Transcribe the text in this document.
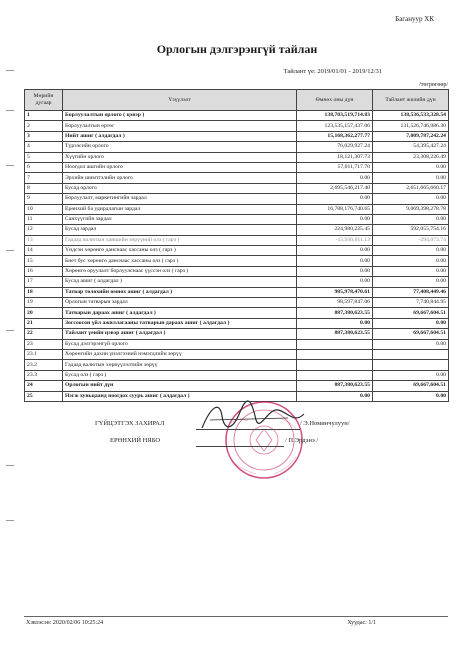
Багануур ХК
Орлогын дэлгэрэнгүй тайлан
Тайлант үе: 2019/01/01 - 2019/12/31
/төгрөгөөр/
Мөрийн дугаар	Үзүүлэлт	Өмнөх оны дүн	Тайлант жилийн дүн
1	Борлуулалтын орлого ( цэвэр )	138,703,519,714.83	138,536,533,328.54
2	Борлуулалтын өртөг	123,535,157,437.06	131,526,746,086.30
3	Нийт ашиг ( алдагдал )	15,168,362,277.77	7,009,787,242.24
4	Түрээсийн орлого	76,029,927.24	54,395,427.24
5	Хүүгийн орлого	18,121,307.73	23,308,226.49
6	Ноогдол ашгийн орлого	57,011,717.70	0.00
7	Эрхийн шимтгэлийн орлого	0.00	0.00
8	Бусад орлого	2,695,546,217.40	2,651,665,660.17
9	Борлуулалт, маркетингийн зардал	0.00	0.00
10	Ерөнхий ба удирдлагын зардал	16,788,176,740.65	9,069,398,278.78
11	Санхүүгийн зардал	0.00	0.00
12	Бусад зардал	224,980,225.45	592,055,754.16
13	Гадаад валютын ханшийн зөрүүний олз ( гарз )	-15,936,011.13	-294,073.74
14	Үндсэн хөрөнгө данснаас хассаны олз ( гарз )	0.00	0.00
15	Биет бус хөрөнгө данснаас хассаны олз ( гарз )	0.00	0.00
16	Хөрөнгө оруулалт борлуулснаас үүссэн олз ( гарз )	0.00	0.00
17	Бусад ашиг ( алдагдал )	0.00	0.00
18	Татвар төлөхийн өмнөх ашиг ( алдагдал )	985,978,470.61	77,408,449.46
19	Орлогын татварын зардал	98,597,847.06	7,740,844.95
20	Татварын дараах ашиг ( алдагдал )	887,380,623.55	69,667,604.51
21	Зогсоосон үйл ажиллагааны татварын дараах ашиг ( алдагдал )	0.00	0.00
22	Тайлант үеийн цэвэр ашиг ( алдагдал )	887,380,623.55	69,667,604.51
23	Бусад дэлгэрэнгүй орлого		0.00
23.1	Хөрөнгийн дахин үнэлгээний нэмэгдлийн зөрүү		
23.2	Гадаад валютын хөрвүүлэлтийн зөрүү		
23.3	Бусад олз ( гарз )		0.00
24	Орлогын нийт дүн	887,380,623.55	69,667,604.51
25	Нэгж хувьцаанд ноогдох суурь ашиг ( алдагдал )	0.00	0.00
ГҮЙЦЭТГЭХ ЗАХИРАЛ	/ Э.Номинчулуун/
ЕРӨНХИЙ НЯБО	/ П.Эрдэнэ /
Хэвлэсэн: 2020/02/06 10:25:24	Хуудас: 1/1
